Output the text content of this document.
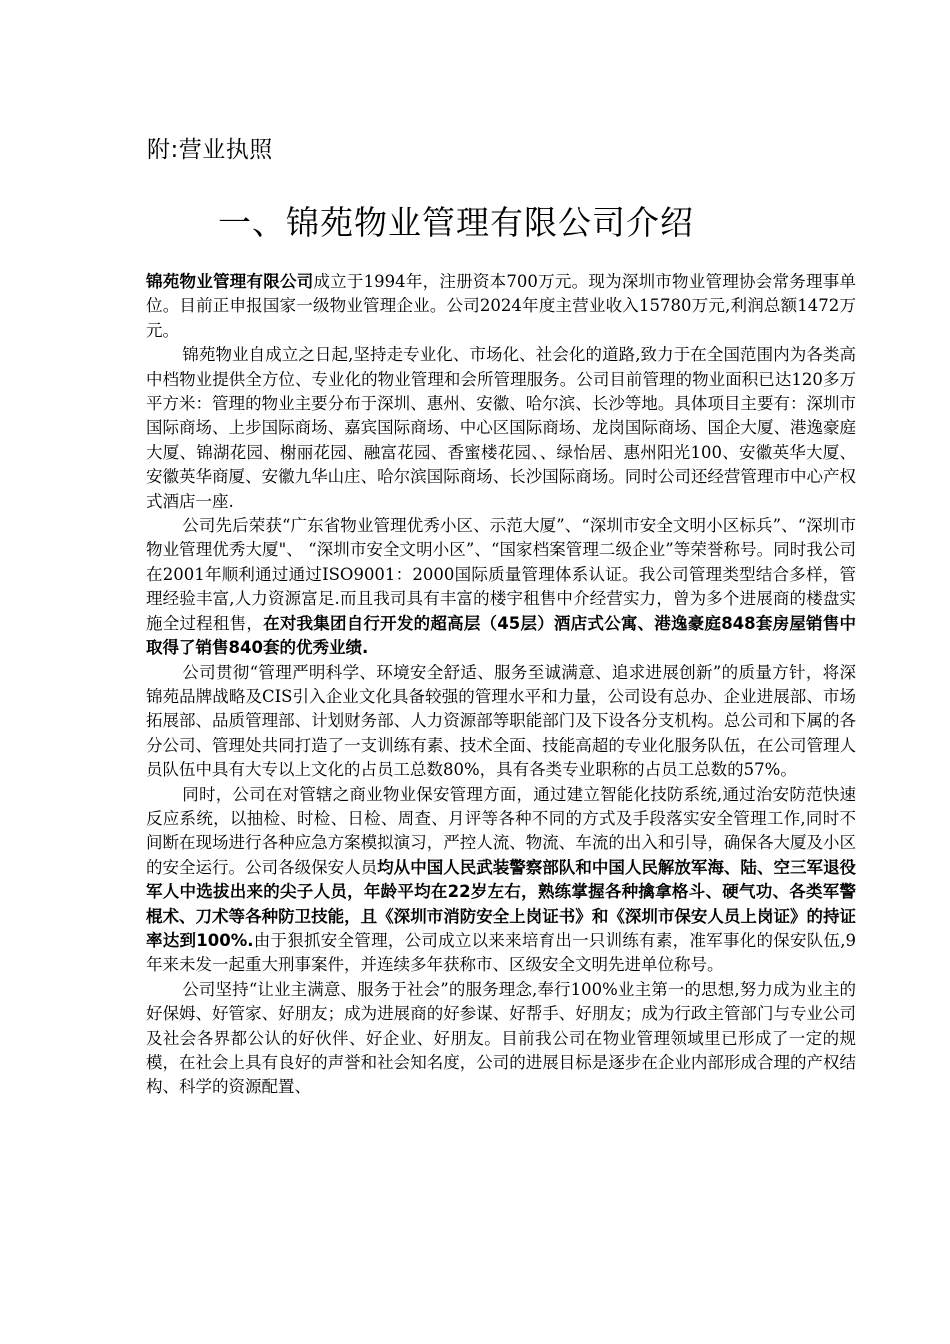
附:营业执照
一、锦苑物业管理有限公司介绍

锦苑物业管理有限公司成立于1994年，注册资本700万元。现为深圳市物业管理协会常务理事单位。目前正申报国家一级物业管理企业。公司2024年度主营业收入15780万元,利润总额1472万元。

锦苑物业自成立之日起,坚持走专业化、市场化、社会化的道路,致力于在全国范围内为各类高中档物业提供全方位、专业化的物业管理和会所管理服务。公司目前管理的物业面积已达120多万平方米：管理的物业主要分布于深圳、惠州、安徽、哈尔滨、长沙等地。具体项目主要有：深圳市国际商场、上步国际商场、嘉宾国际商场、中心区国际商场、龙岗国际商场、国企大厦、港逸豪庭大厦、锦湖花园、榭丽花园、融富花园、香蜜楼花园、、绿怡居、惠州阳光100、安徽英华大厦、安徽英华商厦、安徽九华山庄、哈尔滨国际商场、长沙国际商场。同时公司还经营管理市中心产权式酒店一座.

公司先后荣获“广东省物业管理优秀小区、示范大厦”、“深圳市安全文明小区标兵”、“深圳市物业管理优秀大厦"、 “深圳市安全文明小区”、“国家档案管理二级企业”等荣誉称号。同时我公司在2001年顺利通过通过ISO9001：2000国际质量管理体系认证。我公司管理类型结合多样，管理经验丰富,人力资源富足.而且我司具有丰富的楼宇租售中介经营实力，曾为多个进展商的楼盘实施全过程租售，在对我集团自行开发的超高层（45层）酒店式公寓、港逸豪庭848套房屋销售中取得了销售840套的优秀业绩.

公司贯彻“管理严明科学、环境安全舒适、服务至诚满意、追求进展创新”的质量方针，将深锦苑品牌战略及CIS引入企业文化具备较强的管理水平和力量，公司设有总办、企业进展部、市场拓展部、品质管理部、计划财务部、人力资源部等职能部门及下设各分支机构。总公司和下属的各分公司、管理处共同打造了一支训练有素、技术全面、技能高超的专业化服务队伍，在公司管理人员队伍中具有大专以上文化的占员工总数80%，具有各类专业职称的占员工总数的57%。

同时，公司在对管辖之商业物业保安管理方面，通过建立智能化技防系统,通过治安防范快速反应系统，以抽检、时检、日检、周查、月评等各种不同的方式及手段落实安全管理工作,同时不间断在现场进行各种应急方案模拟演习，严控人流、物流、车流的出入和引导，确保各大厦及小区的安全运行。公司各级保安人员均从中国人民武装警察部队和中国人民解放军海、陆、空三军退役军人中选拔出来的尖子人员，年龄平均在22岁左右，熟练掌握各种擒拿格斗、硬气功、各类军警棍术、刀术等各种防卫技能，且《深圳市消防安全上岗证书》和《深圳市保安人员上岗证》的持证率达到100%.由于狠抓安全管理，公司成立以来来培育出一只训练有素，准军事化的保安队伍,9年来未发一起重大刑事案件，并连续多年获称市、区级安全文明先进单位称号。

公司坚持“让业主满意、服务于社会”的服务理念,奉行100%业主第一的思想,努力成为业主的好保姆、好管家、好朋友；成为进展商的好参谋、好帮手、好朋友；成为行政主管部门与专业公司及社会各界都公认的好伙伴、好企业、好朋友。目前我公司在物业管理领域里已形成了一定的规模，在社会上具有良好的声誉和社会知名度，公司的进展目标是逐步在企业内部形成合理的产权结构、科学的资源配置、
